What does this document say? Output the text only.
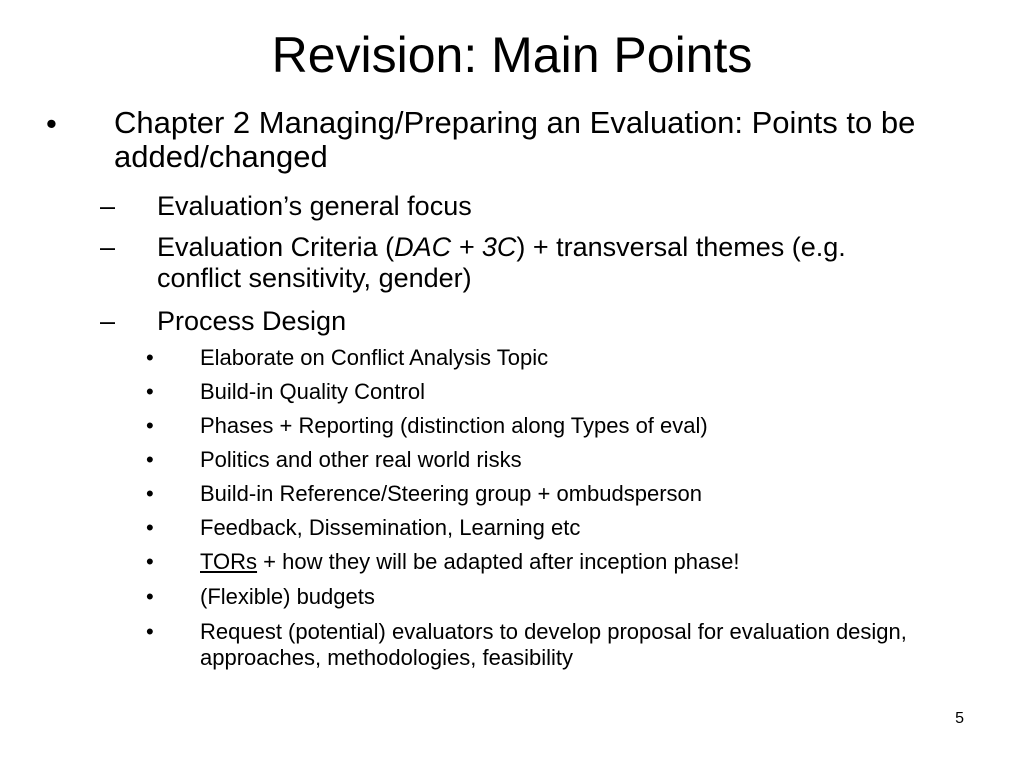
Revision: Main Points
• Chapter 2 Managing/Preparing an Evaluation: Points to be added/changed
– Evaluation’s general focus
– Evaluation Criteria (DAC + 3C) + transversal themes (e.g. conflict sensitivity, gender)
– Process Design
• Elaborate on Conflict Analysis Topic
• Build-in Quality Control
• Phases + Reporting (distinction along Types of eval)
• Politics and other real world risks
• Build-in Reference/Steering group + ombudsperson
• Feedback, Dissemination, Learning etc
• TORs + how they will be adapted after inception phase!
• (Flexible) budgets
• Request (potential) evaluators to develop proposal for evaluation design, approaches, methodologies, feasibility
5
